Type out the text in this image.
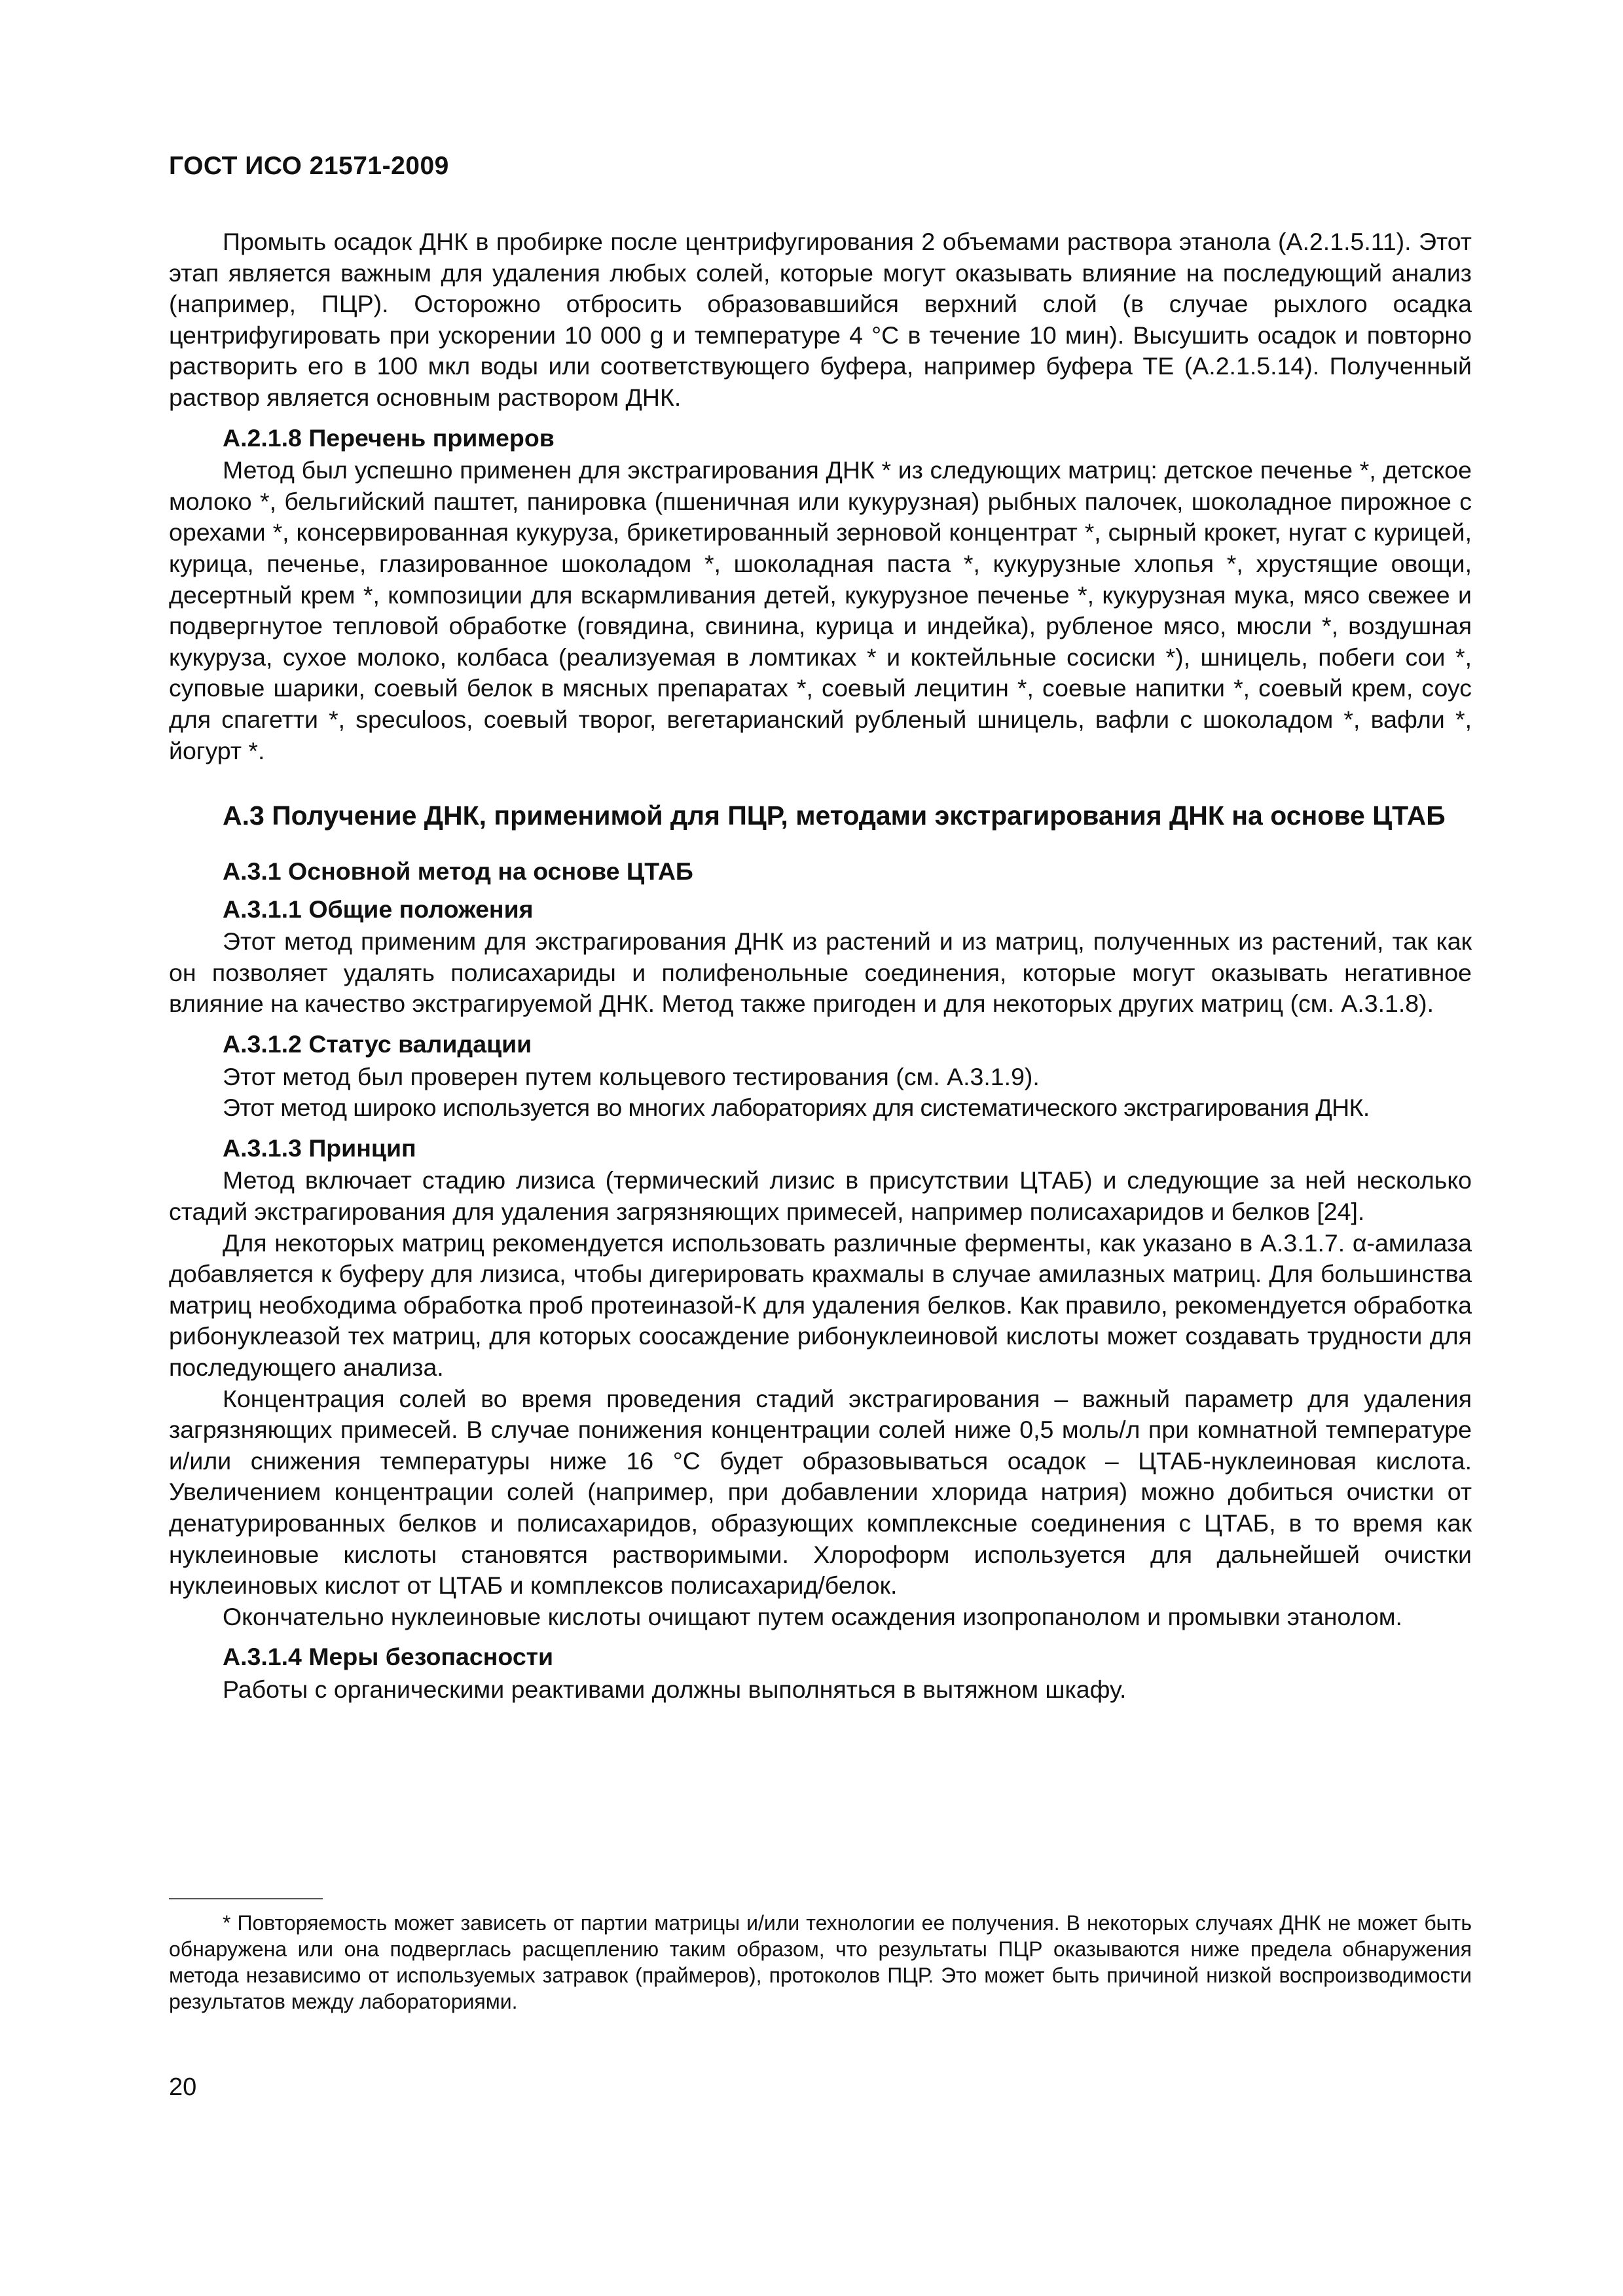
ГОСТ ИСО 21571-2009

Промыть осадок ДНК в пробирке после центрифугирования 2 объемами раствора этанола (А.2.1.5.11). Этот этап является важным для удаления любых солей, которые могут оказывать влияние на последующий анализ (например, ПЦР). Осторожно отбросить образовавшийся верхний слой (в случае рыхлого осадка центрифугировать при ускорении 10 000 g и температуре 4 °С в течение 10 мин). Высушить осадок и повторно растворить его в 100 мкл воды или соответствующего буфера, например буфера ТЕ (А.2.1.5.14). Полученный раствор является основным раствором ДНК.

А.2.1.8 Перечень примеров

Метод был успешно применен для экстрагирования ДНК * из следующих матриц: детское печенье *, детское молоко *, бельгийский паштет, панировка (пшеничная или кукурузная) рыбных палочек, шоколадное пирожное с орехами *, консервированная кукуруза, брикетированный зерновой концентрат *, сырный крокет, нугат с курицей, курица, печенье, глазированное шоколадом *, шоколадная паста *, кукурузные хлопья *, хрустящие овощи, десертный крем *, композиции для вскармливания детей, кукурузное печенье *, кукурузная мука, мясо свежее и подвергнутое тепловой обработке (говядина, свинина, курица и индейка), рубленое мясо, мюсли *, воздушная кукуруза, сухое молоко, колбаса (реализуемая в ломтиках * и коктейльные сосиски *), шницель, побеги сои *, суповые шарики, соевый белок в мясных препаратах *, соевый лецитин *, соевые напитки *, соевый крем, соус для спагетти *, speculoos, соевый творог, вегетарианский рубленый шницель, вафли с шоколадом *, вафли *, йогурт *.

А.3 Получение ДНК, применимой для ПЦР, методами экстрагирования ДНК на основе ЦТАБ
А.3.1 Основной метод на основе ЦТАБ
А.3.1.1 Общие положения

Этот метод применим для экстрагирования ДНК из растений и из матриц, полученных из растений, так как он позволяет удалять полисахариды и полифенольные соединения, которые могут оказывать негативное влияние на качество экстрагируемой ДНК. Метод также пригоден и для некоторых других матриц (см. А.3.1.8).

А.3.1.2 Статус валидации

Этот метод был проверен путем кольцевого тестирования (см. А.3.1.9).

Этот метод широко используется во многих лабораториях для систематического экстрагирования ДНК.

А.3.1.3 Принцип

Метод включает стадию лизиса (термический лизис в присутствии ЦТАБ) и следующие за ней несколько стадий экстрагирования для удаления загрязняющих примесей, например полисахаридов и белков [24].

Для некоторых матриц рекомендуется использовать различные ферменты, как указано в А.3.1.7. α-амилаза добавляется к буферу для лизиса, чтобы дигерировать крахмалы в случае амилазных матриц. Для большинства матриц необходима обработка проб протеиназой-К для удаления белков. Как правило, рекомендуется обработка рибонуклеазой тех матриц, для которых соосаждение рибонуклеиновой кислоты может создавать трудности для последующего анализа.

Концентрация солей во время проведения стадий экстрагирования – важный параметр для удаления загрязняющих примесей. В случае понижения концентрации солей ниже 0,5 моль/л при комнатной температуре и/или снижения температуры ниже 16 °С будет образовываться осадок – ЦТАБ-нуклеиновая кислота. Увеличением концентрации солей (например, при добавлении хлорида натрия) можно добиться очистки от денатурированных белков и полисахаридов, образующих комплексные соединения с ЦТАБ, в то время как нуклеиновые кислоты становятся растворимыми. Хлороформ используется для дальнейшей очистки нуклеиновых кислот от ЦТАБ и комплексов полисахарид/белок.

Окончательно нуклеиновые кислоты очищают путем осаждения изопропанолом и промывки этанолом.

А.3.1.4 Меры безопасности

Работы с органическими реактивами должны выполняться в вытяжном шкафу.

* Повторяемость может зависеть от партии матрицы и/или технологии ее получения. В некоторых случаях ДНК не может быть обнаружена или она подверглась расщеплению таким образом, что результаты ПЦР оказываются ниже предела обнаружения метода независимо от используемых затравок (праймеров), протоколов ПЦР. Это может быть причиной низкой воспроизводимости результатов между лабораториями.
20
